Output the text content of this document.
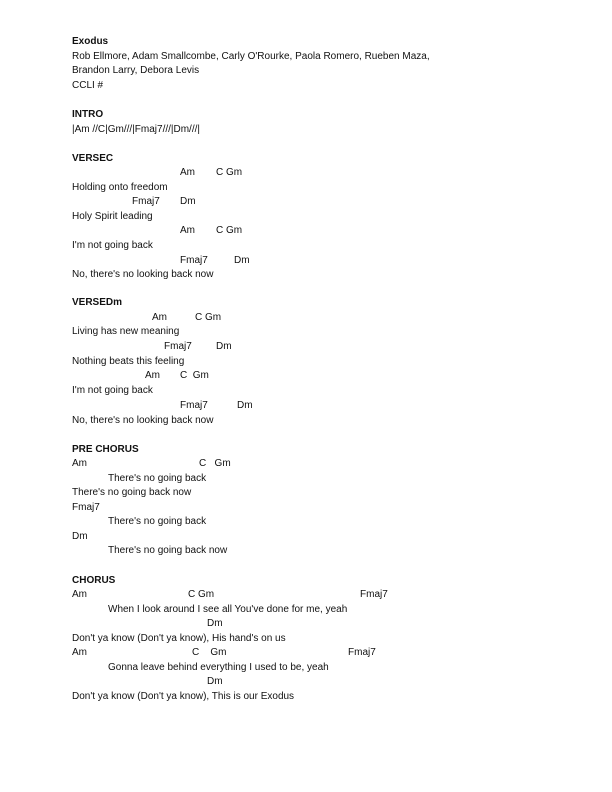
Exodus
Rob Ellmore, Adam Smallcombe, Carly O'Rourke, Paola Romero, Rueben Maza,
Brandon Larry, Debora Levis
CCLI #
INTRO
|Am //C|Gm///|Fmaj7///|Dm///|
VERSEC
Am C Gm
Holding onto freedom
Fmaj7 Dm
Holy Spirit leading
Am C Gm
I'm not going back
Fmaj7	Dm
No, there's no looking back now
VERSEDm
Am	C Gm
Living has new meaning
Fmaj7 Dm
Nothing beats this feeling
Am C  Gm
I'm not going back
Fmaj7	Dm
No, there's no looking back now
PRE CHORUS
Am	C   Gm
There's no going back
There's no going back now
Fmaj7
There's no going back
Dm
There's no going back now
CHORUS
Am	C Gm	Fmaj7
When I look around I see all You've done for me, yeah
Dm
Don't ya know (Don't ya know), His hand's on us
Am	C    Gm	Fmaj7
Gonna leave behind everything I used to be, yeah
Dm
Don't ya know (Don't ya know), This is our Exodus
